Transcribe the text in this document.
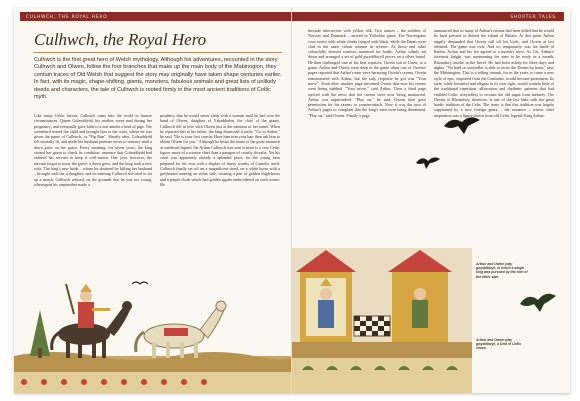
CULHWCH, THE ROYAL HERO
Culhwch, the Royal Hero
Culhwch is the first great hero of Welsh mythology. Although his adventures, recounted in the story Culhwch and Olwen, follow the four branches that make up the main body of the Mabinogion, they contain traces of Old Welsh that suggest the story may originally have taken shape centuries earlier. In fact, with its magic, shape-shifting, giants, monsters, fabulous animals and great lists of unlikely deeds and characters, the tale of Culhwch is rooted firmly in the most ancient traditions of Celtic myth.
Like many Celtic heroes, Culhwch came into the world in bizarre circumstances. Queen Goleuddydd, his mother, went mad during her pregnancy, and eventually gave birth to a son amidst a herd of pigs. The swineherd reared the child and brought him to the court, where he was given the name of Culhwch, or "Pig Run". Shortly after, Goleuddydd fell mortally ill, and made her husband promise never to remarry until a thorn grew on her grave. Every morning, for seven years, the king visited her grave to check its condition, unaware that Goleuddydd had ordered her servant to keep it well-mown. One year, however, the servant forgot to mow the grave; a thorn grew, and the king took a new wife. The king's new bride – whom he obtained by killing her husband – brought with her a daughter, and on meeting Culhwch she tried to set up a match. Culhwch refused, on the grounds that he was too young, whereupon his stepmother made a
prophecy that he would never sleep with a woman until he had won the hand of Olwen, daughter of Ysbaddaden, the chief of the giants. Culhwch fell in love with Olwen just at the mention of her name. When he reported this to his father, the king dismissed it airily. "Go to Arthur," he said. "He is your first cousin. Have him trim your hair then ask him to obtain Olwen for you." Although he bears the name of the great monarch of medieval legend, the Arthur Culhwch was sent to meet is a very Celtic figure: more of a warrior chief than a paragon of courtly chivalry. Yet his court was apparently already a splendid place, for the young hero prepared for his visit with a display of finery worthy of Camelot itself. Culhwch finally set off on a magnificent steed, on a white horse with a greyhound running on either side, wearing a pair of golden thigh-boots and a purple cloak which had golden apples embroidered on each corner. He
SHORTER TALES
brocade interwoven with yellow silk. Two armies – the soldiers of Norway and Denmark – arrived in Yorkshire game. The Norwegians wore tunics with white cloaks fringed with black, while the Danes were clad in the same colour scheme in reverse. As these and other colourfully dressed warriors mustered for battle, Arthur calmly sat down and arranged a set of gold gwyddbwyll pieces on a silver board. He then challenged one of his best warriors, Owein son of Urien, to a game. Arthur and Owein were deep in the game when one of Owein's pages reported that Arthur's men were harassing Owein's ravens. Owein remonstrated with Arthur, but the only response he got was "Your move". Soon after, another page informed Owein that now his ravens were being stabbed. "Your move," said Arthur. Then a third page arrived with the news that the ravens were now being massacred. Arthur was unperturbed. "Play on," he said. Owein then gave permission for his ravens to counter-attack. Now it was the turn of Arthur's pages to complain that the king's men were being threatened. "Play on," said Owein. Finally a page
announced that so many of Arthur's retinue had been killed that he would be hard pressed to defend the island of Britain. At this point Arthur angrily demanded that Owein call off his birds, and Owein at last relented. The game was over. And so, temporarily, was the battle of Badon. Arthur and his foe agreed to a month's truce. As Cei, Arthur's foremost knight, was summoning the men to be ready in a month, Rhonabwy awoke in the hovel. He had been asleep for three days and nights. "No bard or storyteller is able to recite the Dream by heart," says the Mabinogion. This is a telling remark, for in the years to come a new style of epic, imported from the Continent, would become prominent. Its style, while beautiful and elegant in its own right, would contain little of the traditional repetition, alliteration and rhythmic patterns that had enabled Celtic storytellers to recount the old sagas from memory. The Dream of Rhonabwy, therefore, is one of the last links with the great bardic tradition of the Celts. The irony is that this tradition was largely supplanted by a new foreign genre – the romance – whose chief inspiration was a figure drawn from old Celtic legend: King Arthur.
Arthur and Owein play gwyddbwyll, in which a single king was pursued by the men of the other side.
Arthur and Owein play gwyddbwyll, a kind of Celtic chess.
